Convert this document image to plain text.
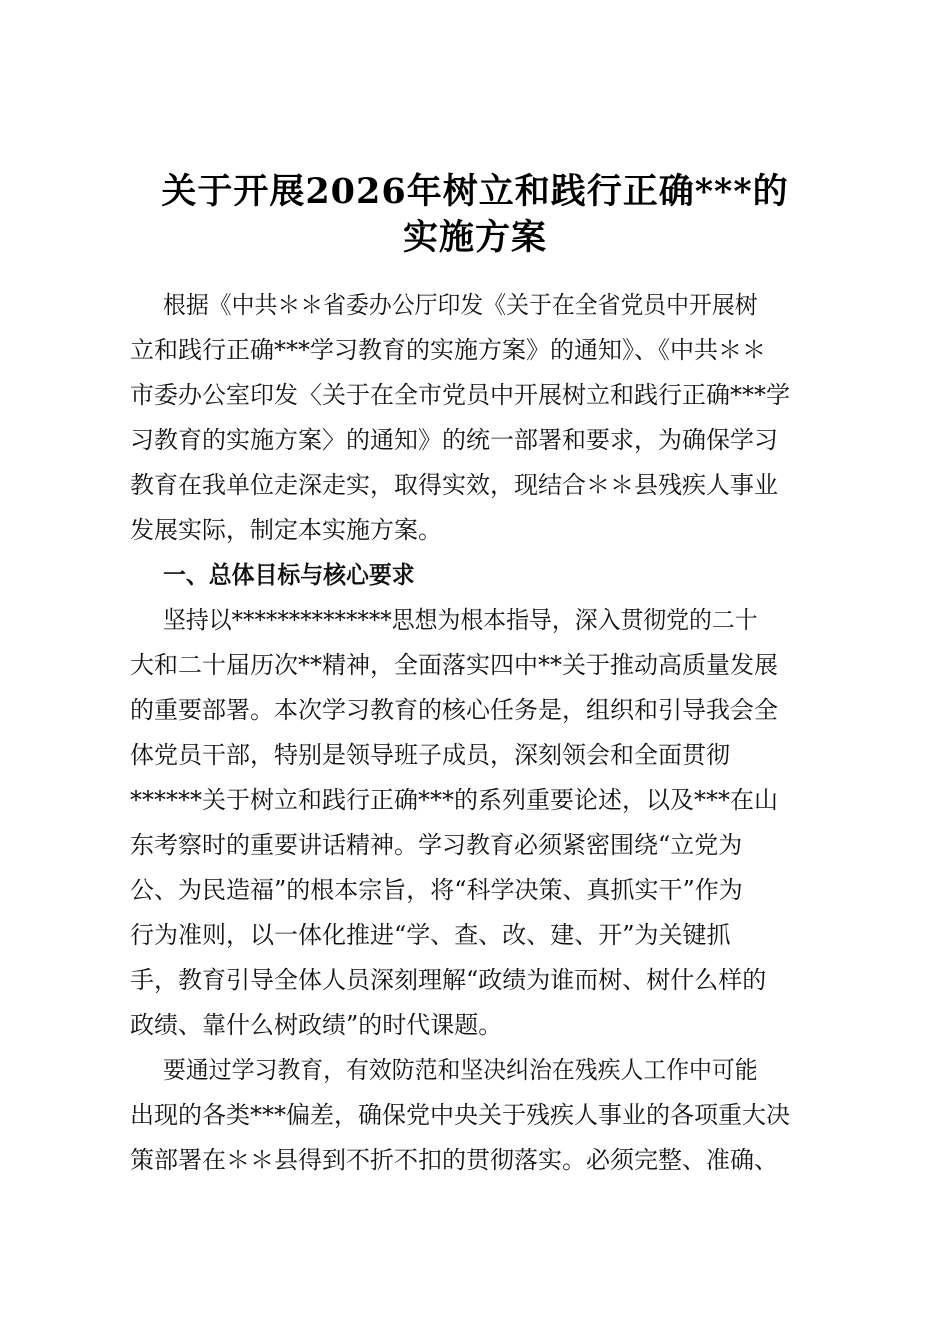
关于开展2026年树立和践行正确***的
实施方案
根据《中共＊＊省委办公厅印发《关于在全省党员中开展树
立和践行正确***学习教育的实施方案》的通知》、《中共＊＊
市委办公室印发〈关于在全市党员中开展树立和践行正确***学
习教育的实施方案〉的通知》的统一部署和要求，为确保学习
教育在我单位走深走实，取得实效，现结合＊＊县残疾人事业
发展实际，制定本实施方案。
一、总体目标与核心要求
坚持以**************思想为根本指导，深入贯彻党的二十
大和二十届历次**精神，全面落实四中**关于推动高质量发展
的重要部署。本次学习教育的核心任务是，组织和引导我会全
体党员干部，特别是领导班子成员，深刻领会和全面贯彻
******关于树立和践行正确***的系列重要论述，以及***在山
东考察时的重要讲话精神。学习教育必须紧密围绕“立党为
公、为民造福”的根本宗旨，将“科学决策、真抓实干”作为
行为准则，以一体化推进“学、查、改、建、开”为关键抓
手，教育引导全体人员深刻理解“政绩为谁而树、树什么样的
政绩、靠什么树政绩”的时代课题。
要通过学习教育，有效防范和坚决纠治在残疾人工作中可能
出现的各类***偏差，确保党中央关于残疾人事业的各项重大决
策部署在＊＊县得到不折不扣的贯彻落实。必须完整、准确、
